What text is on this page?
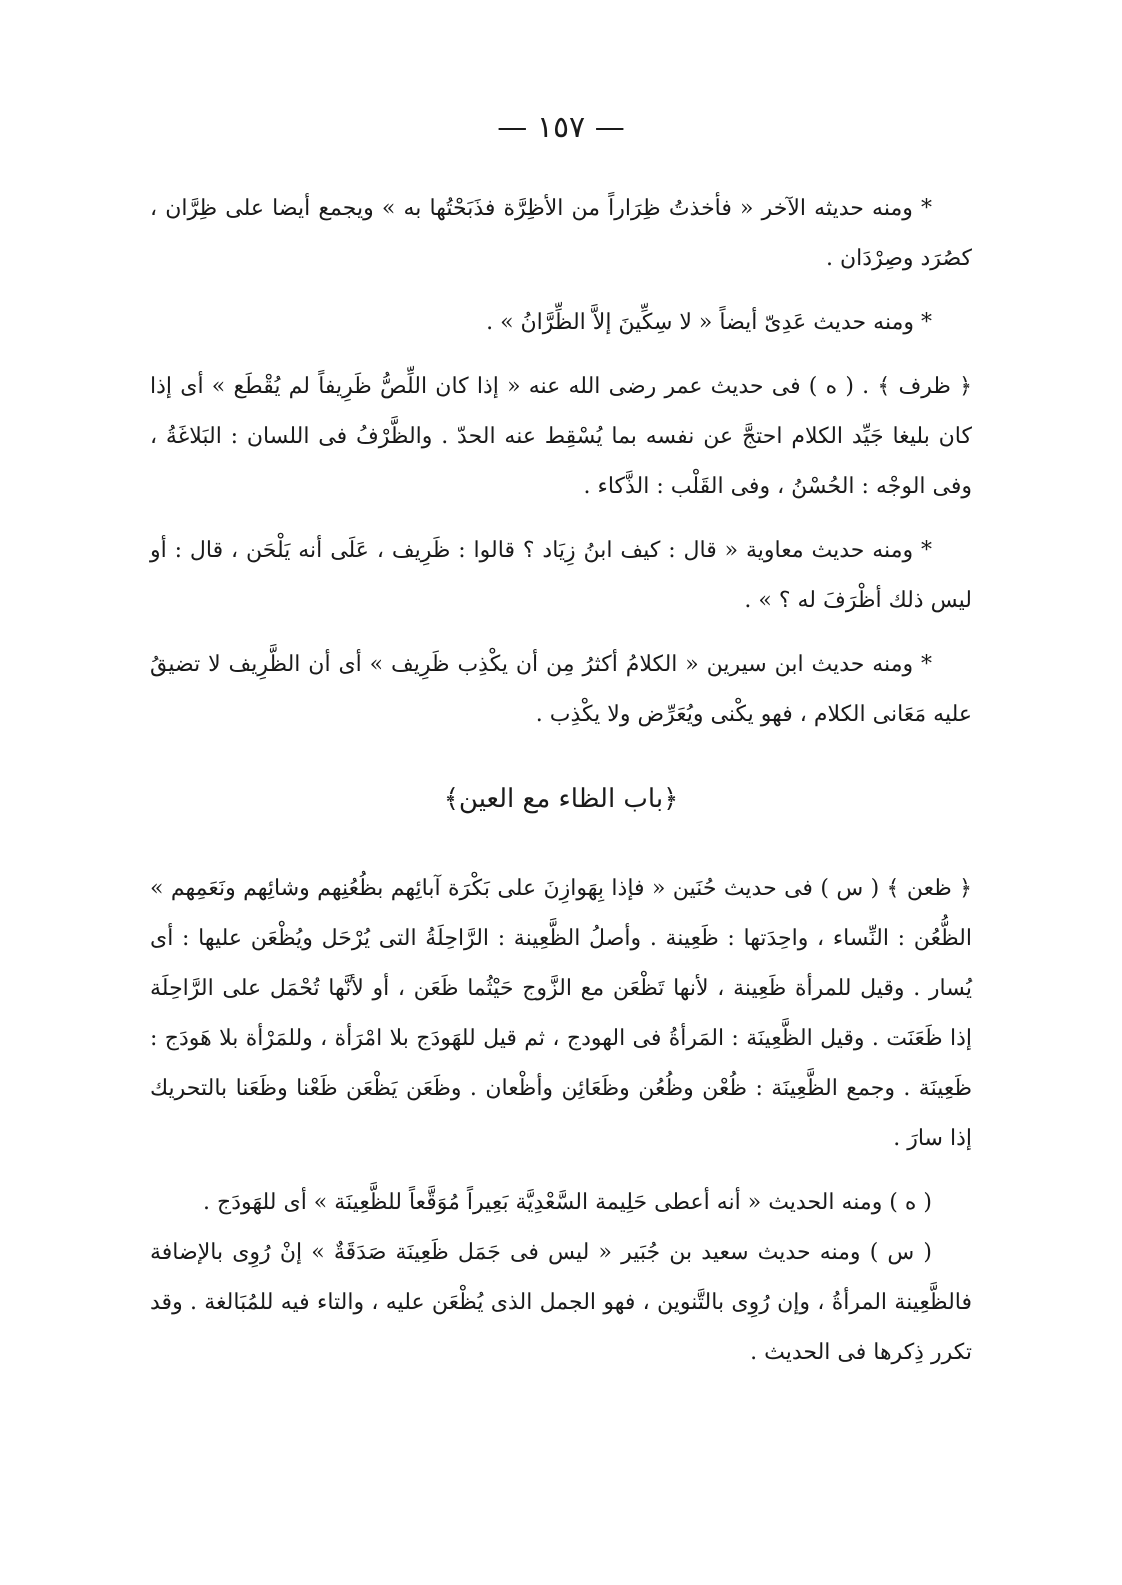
— ١٥٧ —

* ومنه حديثه الآخر « فأخذتُ ظِرَاراً من الأظِرَّة فذَبَحْتُها به » ويجمع أيضا على ظِرَّان ، كصُرَد وصِرْدَان .

* ومنه حديث عَدِىّ أيضاً « لا سِكِّينَ إلاَّ الظِّرَّانُ » .

﴿ ظرف ﴾ . ( ه ) فى حديث عمر رضى الله عنه « إذا كان اللِّصُّ ظَرِيفاً لم يُقْطَع » أى إذا كان بليغا جَيِّد الكلام احتجَّ عن نفسه بما يُسْقِط عنه الحدّ . والظَّرْفُ فى اللسان : البَلاغَةُ ، وفى الوجْه : الحُسْنُ ، وفى القَلْب : الذَّكاء .

* ومنه حديث معاوية « قال : كيف ابنُ زِيَاد ؟ قالوا : ظَرِيف ، عَلَى أنه يَلْحَن ، قال : أو ليس ذلك أظْرَفَ له ؟ » .

* ومنه حديث ابن سيرين « الكلامُ أكثرُ مِن أن يكْذِب ظَرِيف » أى أن الظَّرِيف لا تضيقُ عليه مَعَانى الكلام ، فهو يكْنى ويُعَرِّض ولا يكْذِب .

﴿باب الظاء مع العين﴾

﴿ ظعن ﴾ ( س ) فى حديث حُنَين « فإذا بِهَوازِنَ على بَكْرَة آبائِهم بظُعُنِهم وشائِهم ونَعَمِهم » الظُّعُن : النِّساء ، واحِدَتها : ظَعِينة . وأصلُ الظَّعِينة : الرَّاحِلَةُ التى يُرْحَل ويُظْعَن عليها : أى يُسار . وقيل للمرأة ظَعِينة ، لأنها تَظْعَن مع الزَّوج حَيْثُما ظَعَن ، أو لأنَّها تُحْمَل على الرَّاحِلَة إذا ظَعَنَت . وقيل الظَّعِينَة : المَرأةُ فى الهودج ، ثم قيل للهَودَج بلا امْرَأة ، وللمَرْأة بلا هَودَج : ظَعِينَة . وجمع الظَّعِينَة : ظُعْن وظُعُن وظَعَائِن وأظْعان . وظَعَن يَظْعَن ظَعْنا وظَعَنا بالتحريك إذا سارَ .

( ه ) ومنه الحديث « أنه أعطى حَلِيمة السَّعْدِيَّة بَعِيراً مُوَقَّعاً للظَّعِينَة » أى للهَودَج .

( س ) ومنه حديث سعيد بن جُبَير « ليس فى جَمَل ظَعِينَة صَدَقَةٌ » إنْ رُوِى بالإضافة فالظَّعِينة المرأةُ ، وإن رُوِى بالتَّنوين ، فهو الجمل الذى يُظْعَن عليه ، والتاء فيه للمُبَالغة . وقد تكرر ذِكرها فى الحديث .
